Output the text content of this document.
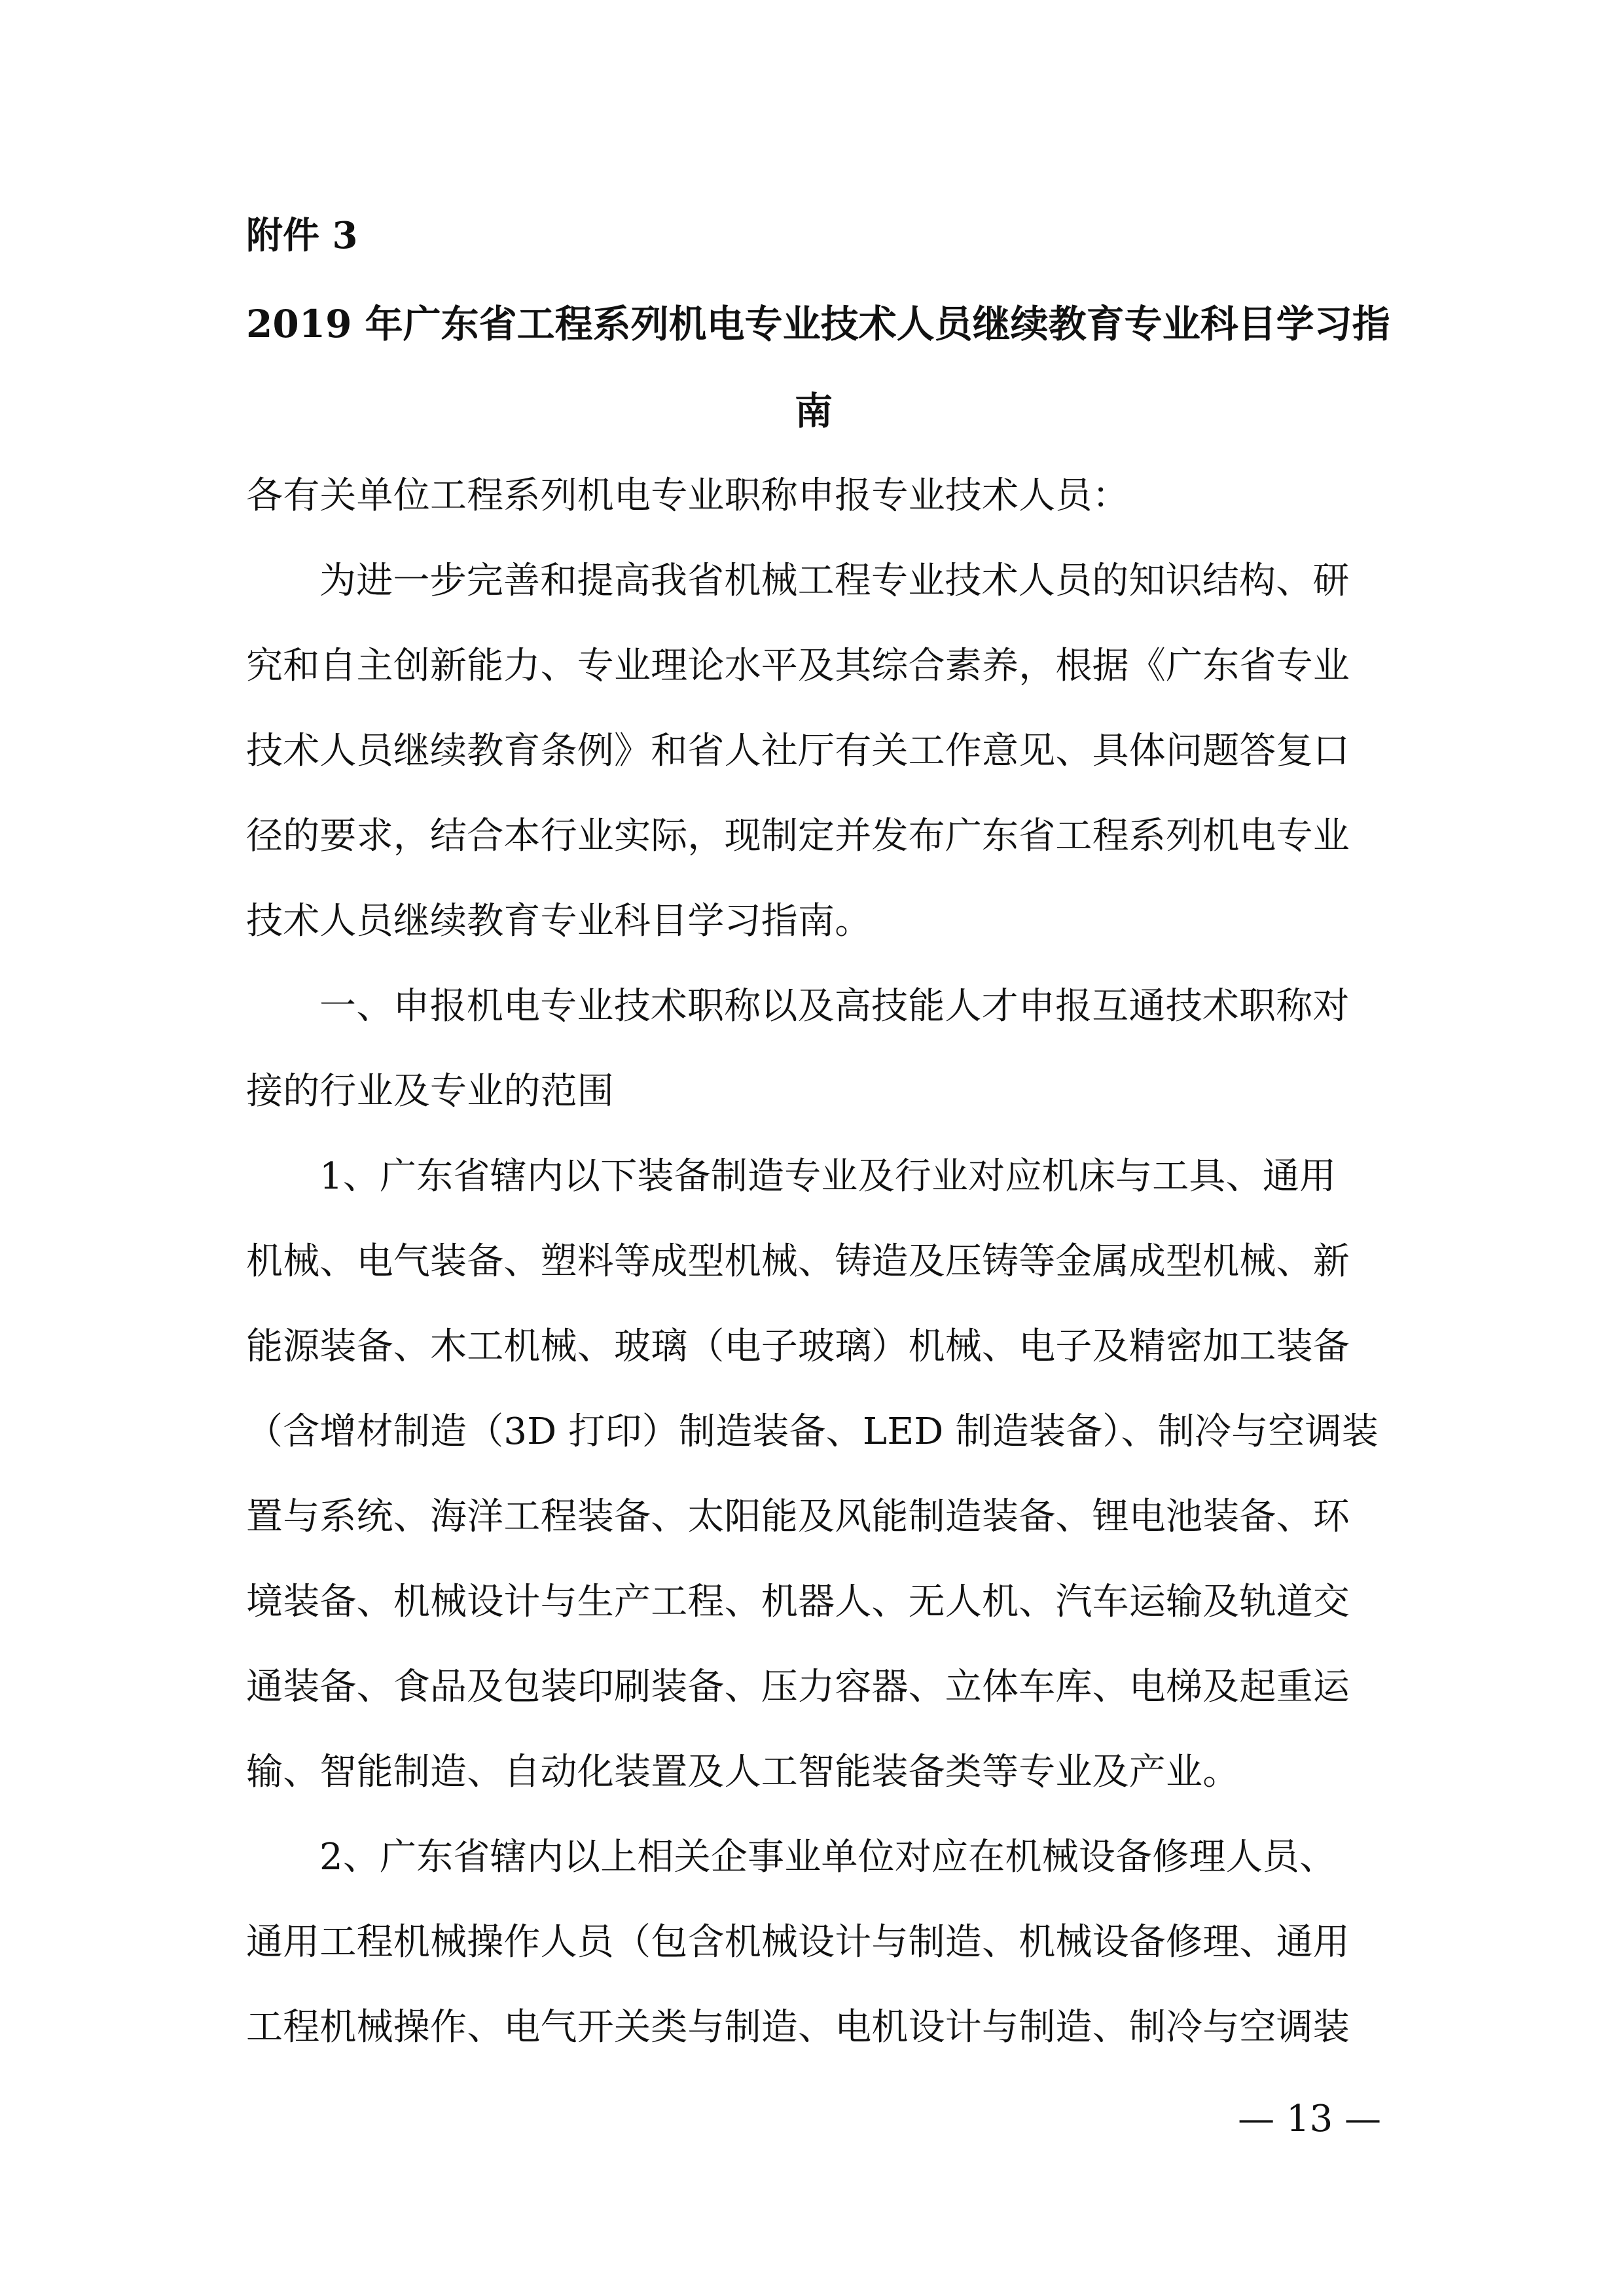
附件 3
2019 年广东省工程系列机电专业技术人员继续教育专业科目学习指
南
各有关单位工程系列机电专业职称申报专业技术人员：
为进一步完善和提高我省机械工程专业技术人员的知识结构、研
究和自主创新能力、专业理论水平及其综合素养，根据《广东省专业
技术人员继续教育条例》和省人社厅有关工作意见、具体问题答复口
径的要求，结合本行业实际，现制定并发布广东省工程系列机电专业
技术人员继续教育专业科目学习指南。
一、申报机电专业技术职称以及高技能人才申报互通技术职称对
接的行业及专业的范围
1、广东省辖内以下装备制造专业及行业对应机床与工具、通用
机械、电气装备、塑料等成型机械、铸造及压铸等金属成型机械、新
能源装备、木工机械、玻璃（电子玻璃）机械、电子及精密加工装备
（含增材制造（3D 打印）制造装备、LED 制造装备）、制冷与空调装
置与系统、海洋工程装备、太阳能及风能制造装备、锂电池装备、环
境装备、机械设计与生产工程、机器人、无人机、汽车运输及轨道交
通装备、食品及包装印刷装备、压力容器、立体车库、电梯及起重运
输、智能制造、自动化装置及人工智能装备类等专业及产业。
2、广东省辖内以上相关企事业单位对应在机械设备修理人员、
通用工程机械操作人员（包含机械设计与制造、机械设备修理、通用
工程机械操作、电气开关类与制造、电机设计与制造、制冷与空调装
— 13 —
